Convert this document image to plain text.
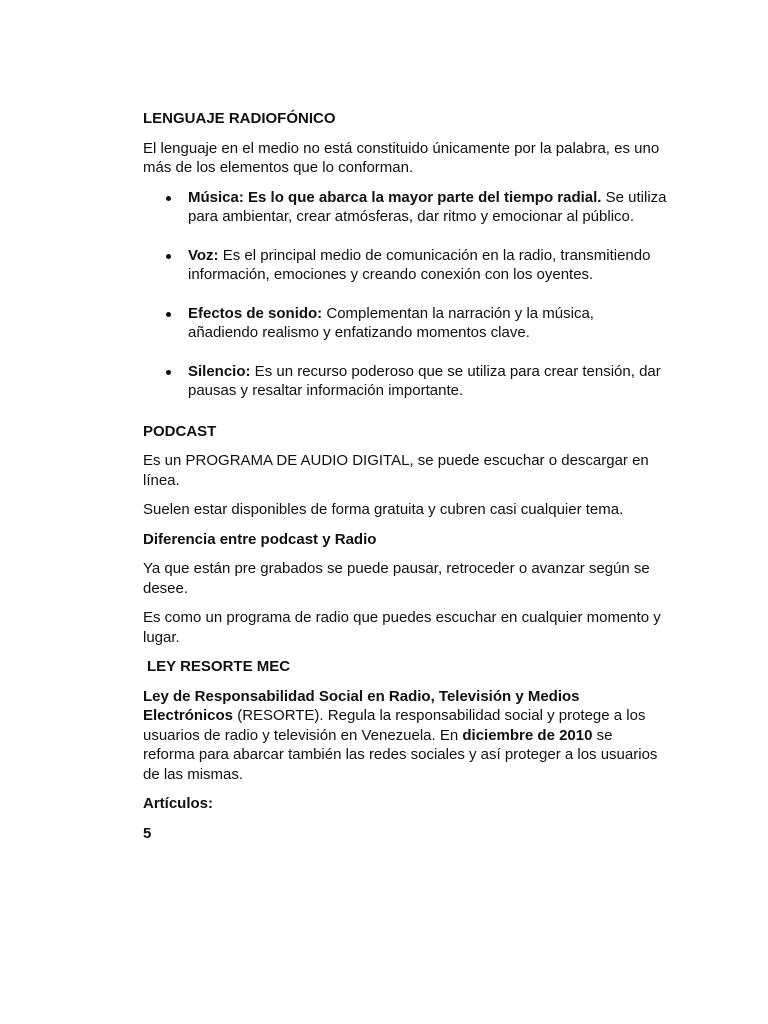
LENGUAJE RADIOFÓNICO
El lenguaje en el medio no está constituido únicamente por la palabra, es uno más de los elementos que lo conforman.
Música: Es lo que abarca la mayor parte del tiempo radial. Se utiliza para ambientar, crear atmósferas, dar ritmo y emocionar al público.
Voz: Es el principal medio de comunicación en la radio, transmitiendo información, emociones y creando conexión con los oyentes.
Efectos de sonido: Complementan la narración y la música, añadiendo realismo y enfatizando momentos clave.
Silencio: Es un recurso poderoso que se utiliza para crear tensión, dar pausas y resaltar información importante.
PODCAST
Es un PROGRAMA DE AUDIO DIGITAL, se puede escuchar o descargar en línea.
Suelen estar disponibles de forma gratuita y cubren casi cualquier tema.
Diferencia entre podcast y Radio
Ya que están pre grabados se puede pausar, retroceder o avanzar según se desee.
Es como un programa de radio que puedes escuchar en cualquier momento y lugar.
LEY RESORTE MEC
Ley de Responsabilidad Social en Radio, Televisión y Medios Electrónicos (RESORTE). Regula la responsabilidad social y protege a los usuarios de radio y televisión en Venezuela. En diciembre de 2010 se reforma para abarcar también las redes sociales y así proteger a los usuarios de las mismas.
Artículos:
5
